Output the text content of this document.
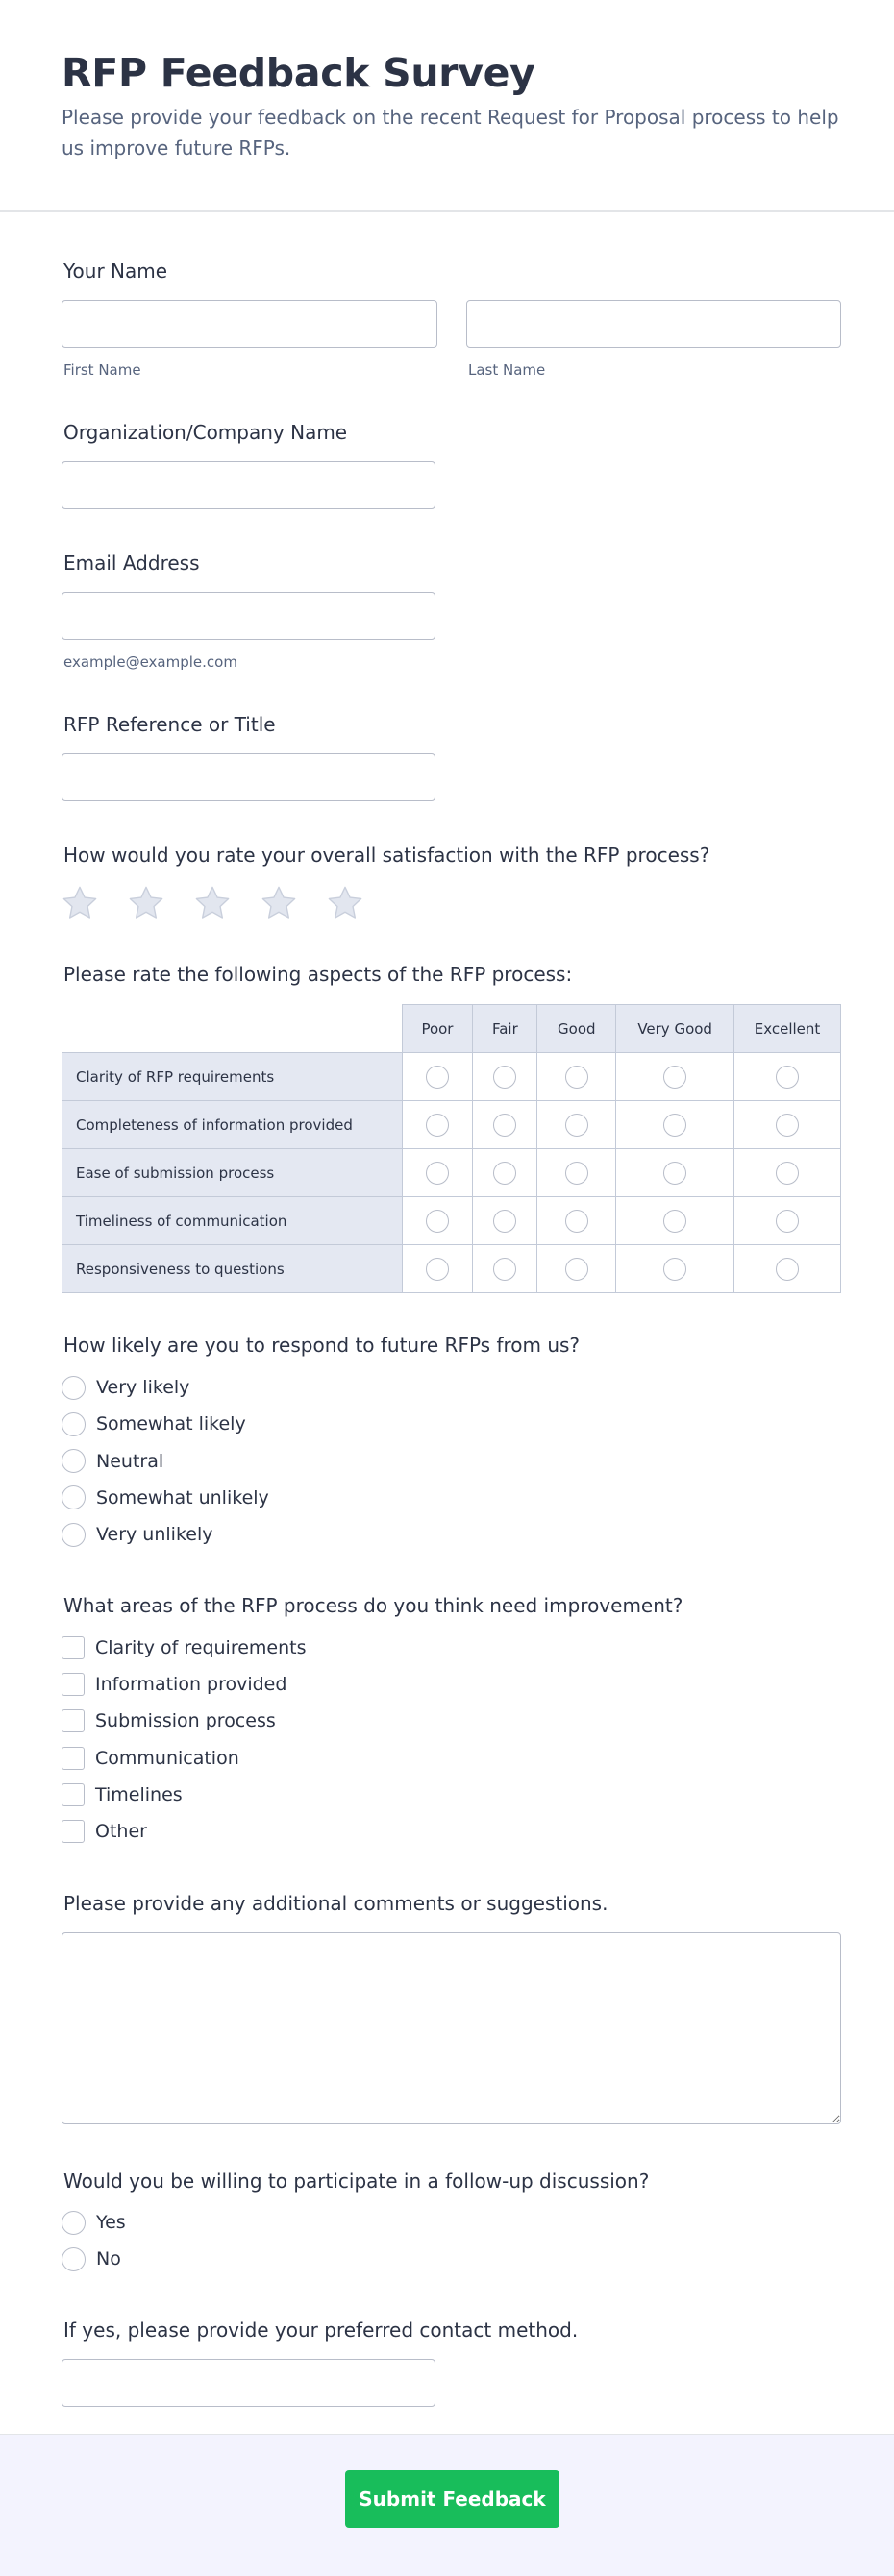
RFP Feedback Survey

Please provide your feedback on the recent Request for Proposal process to help us improve future RFPs.

Your Name
First Name	Last Name
Organization/Company Name
Email Address
example@example.com
RFP Reference or Title
How would you rate your overall satisfaction with the RFP process?
Please rate the following aspects of the RFP process:
	Poor	Fair	Good	Very Good	Excellent
Clarity of RFP requirements					
Completeness of information provided					
Ease of submission process					
Timeliness of communication					
Responsiveness to questions					
How likely are you to respond to future RFPs from us?
Very likely
Somewhat likely
Neutral
Somewhat unlikely
Very unlikely
What areas of the RFP process do you think need improvement?
Clarity of requirements
Information provided
Submission process
Communication
Timelines
Other
Please provide any additional comments or suggestions.
Would you be willing to participate in a follow-up discussion?
Yes
No
If yes, please provide your preferred contact method.
Submit Feedback
